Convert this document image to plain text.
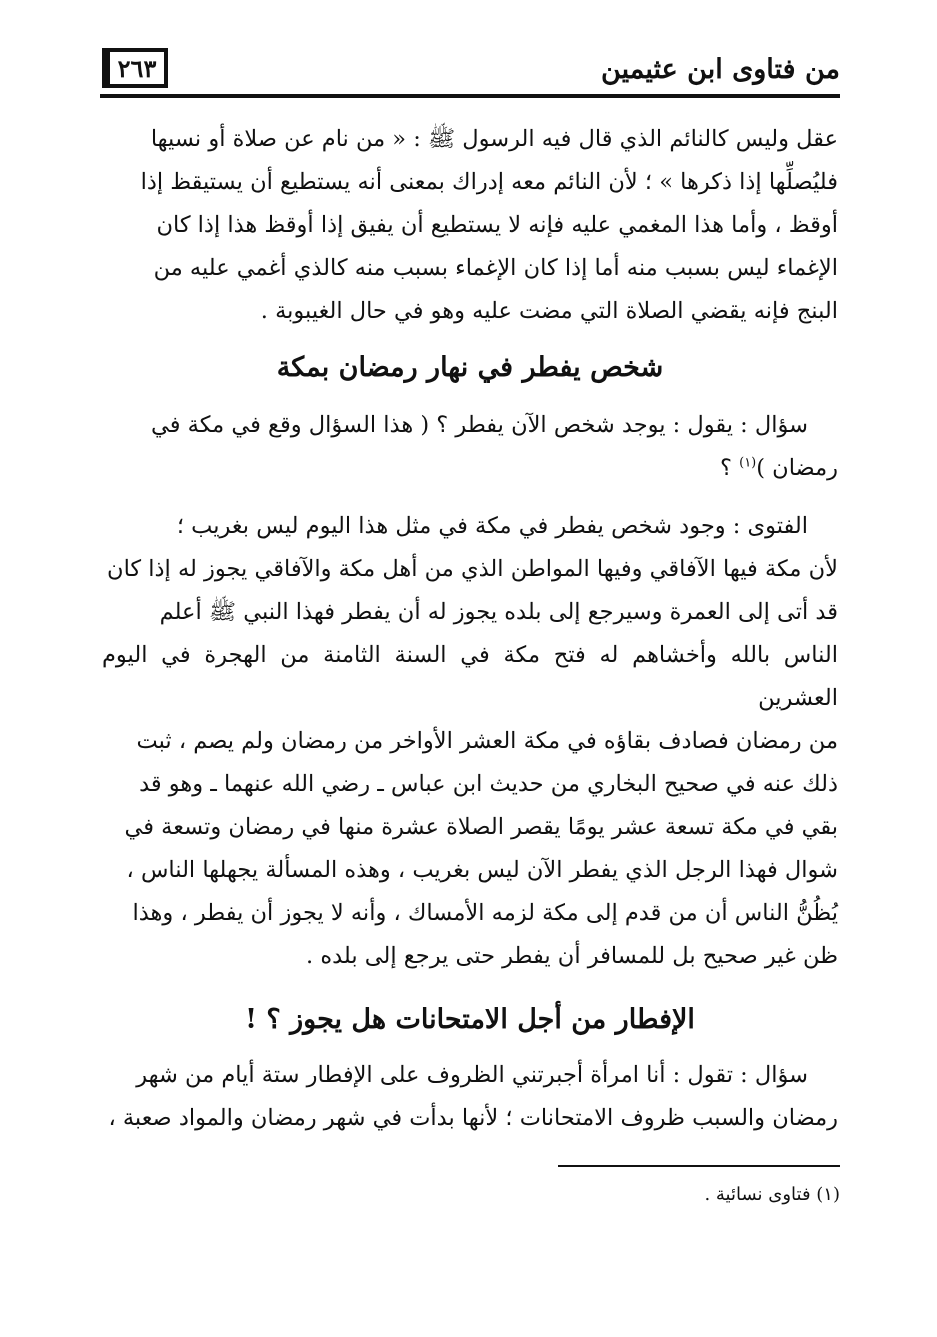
٢٦٣	من فتاوى ابن عثيمين

عقل وليس كالنائم الذي قال فيه الرسول ﷺ : « من نام عن صلاة أو نسيها

فليُصلِّها إذا ذكرها » ؛ لأن النائم معه إدراك بمعنى أنه يستطيع أن يستيقظ إذا

أوقظ ، وأما هذا المغمي عليه فإنه لا يستطيع أن يفيق إذا أوقظ هذا إذا كان

الإغماء ليس بسبب منه أما إذا كان الإغماء بسبب منه كالذي أغمي عليه من

البنج فإنه يقضي الصلاة التي مضت عليه وهو في حال الغيبوبة .

شخص يفطر في نهار رمضان بمكة

سؤال : يقول : يوجد شخص الآن يفطر ؟ ( هذا السؤال وقع في مكة في

رمضان )$^{(١)}$ ؟

الفتوى : وجود شخص يفطر في مكة في مثل هذا اليوم ليس بغريب ؛

لأن مكة فيها الآفاقي وفيها المواطن الذي من أهل مكة والآفاقي يجوز له إذا كان

قد أتى إلى العمرة وسيرجع إلى بلده يجوز له أن يفطر فهذا النبي ﷺ أعلم

الناس بالله وأخشاهم له فتح مكة في السنة الثامنة من الهجرة في اليوم العشرين

من رمضان فصادف بقاؤه في مكة العشر الأواخر من رمضان ولم يصم ، ثبت

ذلك عنه في صحيح البخاري من حديث ابن عباس ـ رضي الله عنهما ـ وهو قد

بقي في مكة تسعة عشر يومًا يقصر الصلاة عشرة منها في رمضان وتسعة في

شوال فهذا الرجل الذي يفطر الآن ليس بغريب ، وهذه المسألة يجهلها الناس ،

يُظُنُّ الناس أن من قدم إلى مكة لزمه الأمساك ، وأنه لا يجوز أن يفطر ، وهذا

ظن غير صحيح بل للمسافر أن يفطر حتى يرجع إلى بلده .

الإفطار من أجل الامتحانات هل يجوز ؟ !

سؤال : تقول : أنا امرأة أجبرتني الظروف على الإفطار ستة أيام من شهر

رمضان والسبب ظروف الامتحانات ؛ لأنها بدأت في شهر رمضان والمواد صعبة ،

(١) فتاوى نسائية .
